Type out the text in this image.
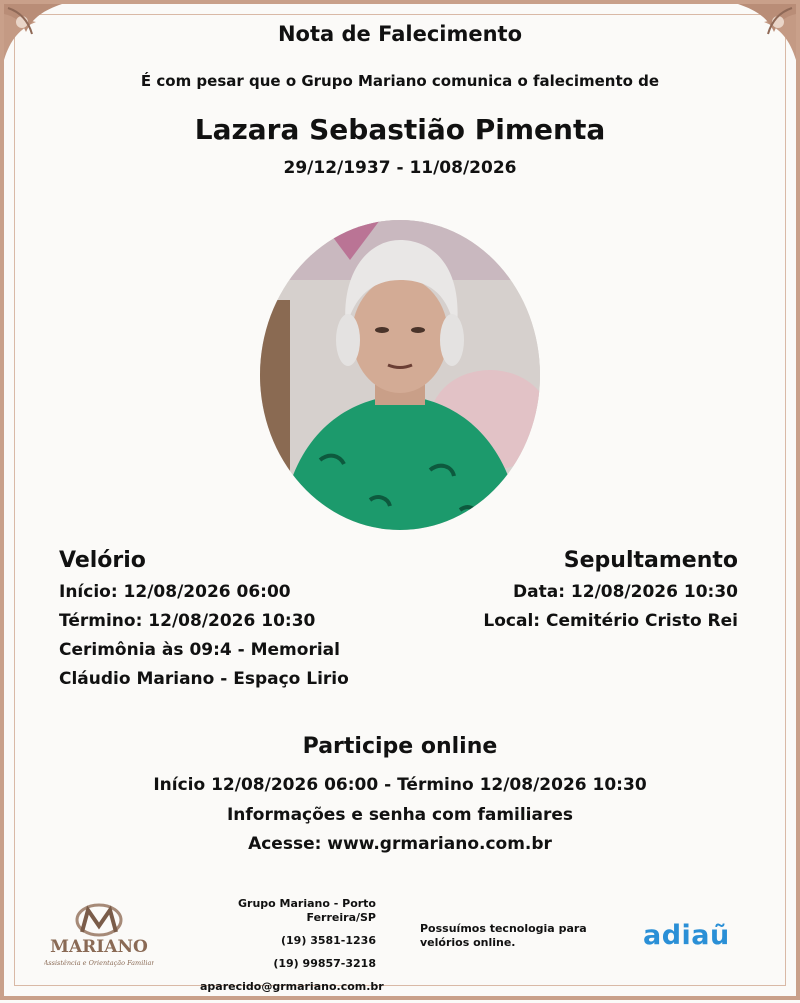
Nota de Falecimento
É com pesar que o Grupo Mariano comunica o falecimento de
Lazara Sebastião Pimenta
29/12/1937 - 11/08/2026
Velório
Início: 12/08/2026 06:00
Término: 12/08/2026 10:30
Cerimônia às 09:4 - Memorial
Cláudio Mariano - Espaço Lirio
Sepultamento
Data: 12/08/2026 10:30
Local: Cemitério Cristo Rei
Participe online
Início 12/08/2026 06:00 - Término 12/08/2026 10:30
Informações e senha com familiares
Acesse: www.grmariano.com.br
MARIANO
Assistência e Orientação Familiar
Grupo Mariano - Porto Ferreira/SP
(19) 3581-1236
(19) 99857-3218
aparecido@grmariano.com.br
Possuímos tecnologia para velórios online.	adiaũ
